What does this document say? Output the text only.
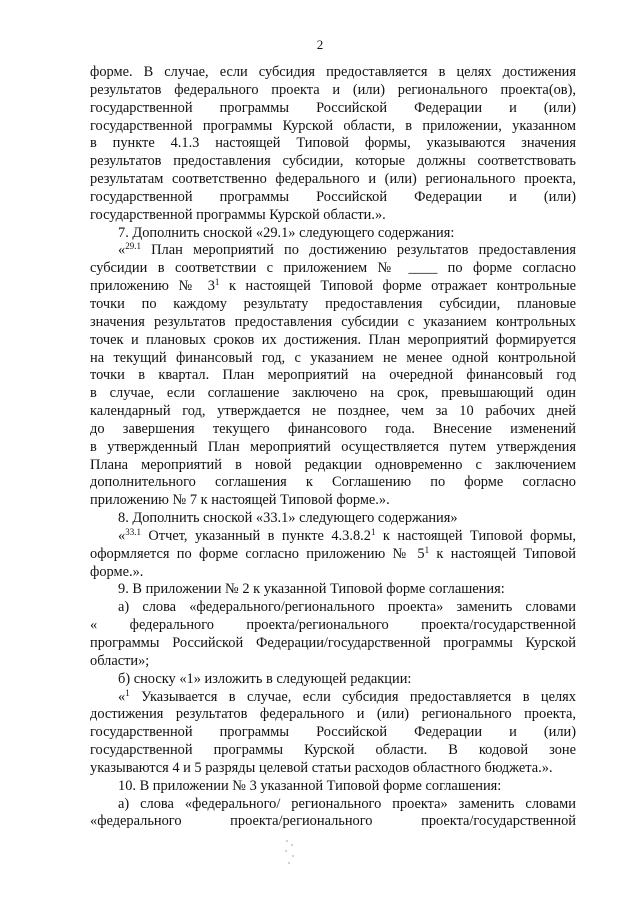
2
форме. В случае, если субсидия предоставляется в целях достижения
результатов федерального проекта и (или) регионального проекта(ов),
государственной программы Российской Федерации и (или)
государственной программы Курской области, в приложении, указанном
в пункте 4.1.3 настоящей Типовой формы, указываются значения
результатов предоставления субсидии, которые должны соответствовать
результатам соответственно федерального и (или) регионального проекта,
государственной программы Российской Федерации и (или)
государственной программы Курской области.».
7. Дополнить сноской «29.1» следующего содержания:
«$^{29.1}$ План мероприятий по достижению результатов предоставления
субсидии в соответствии с приложением № ____ по форме согласно
приложению № $3^1$ к настоящей Типовой форме отражает контрольные
точки по каждому результату предоставления субсидии, плановые
значения результатов предоставления субсидии с указанием контрольных
точек и плановых сроков их достижения. План мероприятий формируется
на текущий финансовый год, с указанием не менее одной контрольной
точки в квартал. План мероприятий на очередной финансовый год
в случае, если соглашение заключено на срок, превышающий один
календарный год, утверждается не позднее, чем за 10 рабочих дней
до завершения текущего финансового года. Внесение изменений
в утвержденный План мероприятий осуществляется путем утверждения
Плана мероприятий в новой редакции одновременно с заключением
дополнительного соглашения к Соглашению по форме согласно
приложению № 7 к настоящей Типовой форме.».
8. Дополнить сноской «33.1» следующего содержания»
«$^{33.1}$ Отчет, указанный в пункте 4.3.8.2$^1$ к настоящей Типовой формы,
оформляется по форме согласно приложению № $5^1$ к настоящей Типовой
форме.».
9. В приложении № 2 к указанной Типовой форме соглашения:
а) слова «федерального/регионального проекта» заменить словами
« федерального проекта/регионального проекта/государственной
программы Российской Федерации/государственной программы Курской
области»;
б) сноску «1» изложить в следующей редакции:
«$^1$ Указывается в случае, если субсидия предоставляется в целях
достижения результатов федерального и (или) регионального проекта,
государственной программы Российской Федерации и (или)
государственной программы Курской области. В кодовой зоне
указываются 4 и 5 разряды целевой статьи расходов областного бюджета.».
10. В приложении № 3 указанной Типовой форме соглашения:
а) слова «федерального/ регионального проекта» заменить словами
«федерального проекта/регионального проекта/государственной
